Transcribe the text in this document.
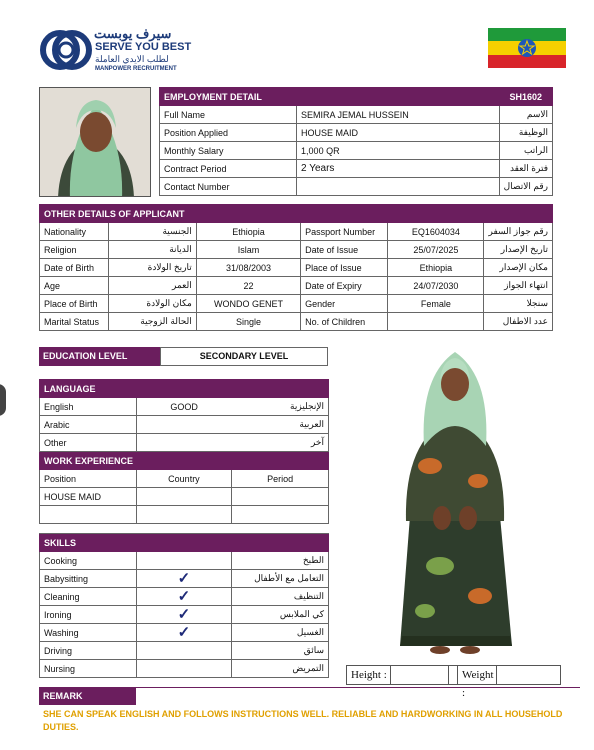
سيرف يوبست
SERVE YOU BEST
لطلب الايدي العاملة
MANPOWER RECRUITMENT
EMPLOYMENT DETAIL		SH1602
Full Name	SEMIRA JEMAL HUSSEIN	الاسم
Position Applied	HOUSE MAID	الوظيفة
Monthly Salary	1,000 QR	الراتب
Contract Period	2 Years	فترة العقد
Contact Number		رقم الاتصال
OTHER DETAILS OF APPLICANT					
Nationality	الجنسية	Ethiopia	Passport Number	EQ1604034	رقم جواز السفر
Religion	الديانة	Islam	Date of Issue	25/07/2025	تاريخ الإصدار
Date of Birth	تاريخ الولادة	31/08/2003	Place of Issue	Ethiopia	مكان الإصدار
Age	العمر	22	Date of Expiry	24/07/2030	انتهاء الجواز
Place of Birth	مكان الولادة	WONDO GENET	Gender	Female	سنجلا
Marital Status	الحالة الزوجية	Single	No. of Children		عدد الاطفال
EDUCATION LEVEL	SECONDARY LEVEL
LANGUAGE		
English	GOOD	الإنجليزية
Arabic		العربية
Other		آخر
WORK EXPERIENCE		
Position	Country	Period
HOUSE MAID		

SKILLS		
Cooking		الطبخ
Babysitting	✓	التعامل مع الأطفال
Cleaning	✓	التنظيف
Ironing	✓	كي الملابس
Washing	✓	الغسيل
Driving		سائق
Nursing		التمريض
Height :	Weight :
REMARK
SHE CAN SPEAK ENGLISH AND FOLLOWS INSTRUCTIONS WELL. RELIABLE AND HARDWORKING IN ALL HOUSEHOLD DUTIES.
